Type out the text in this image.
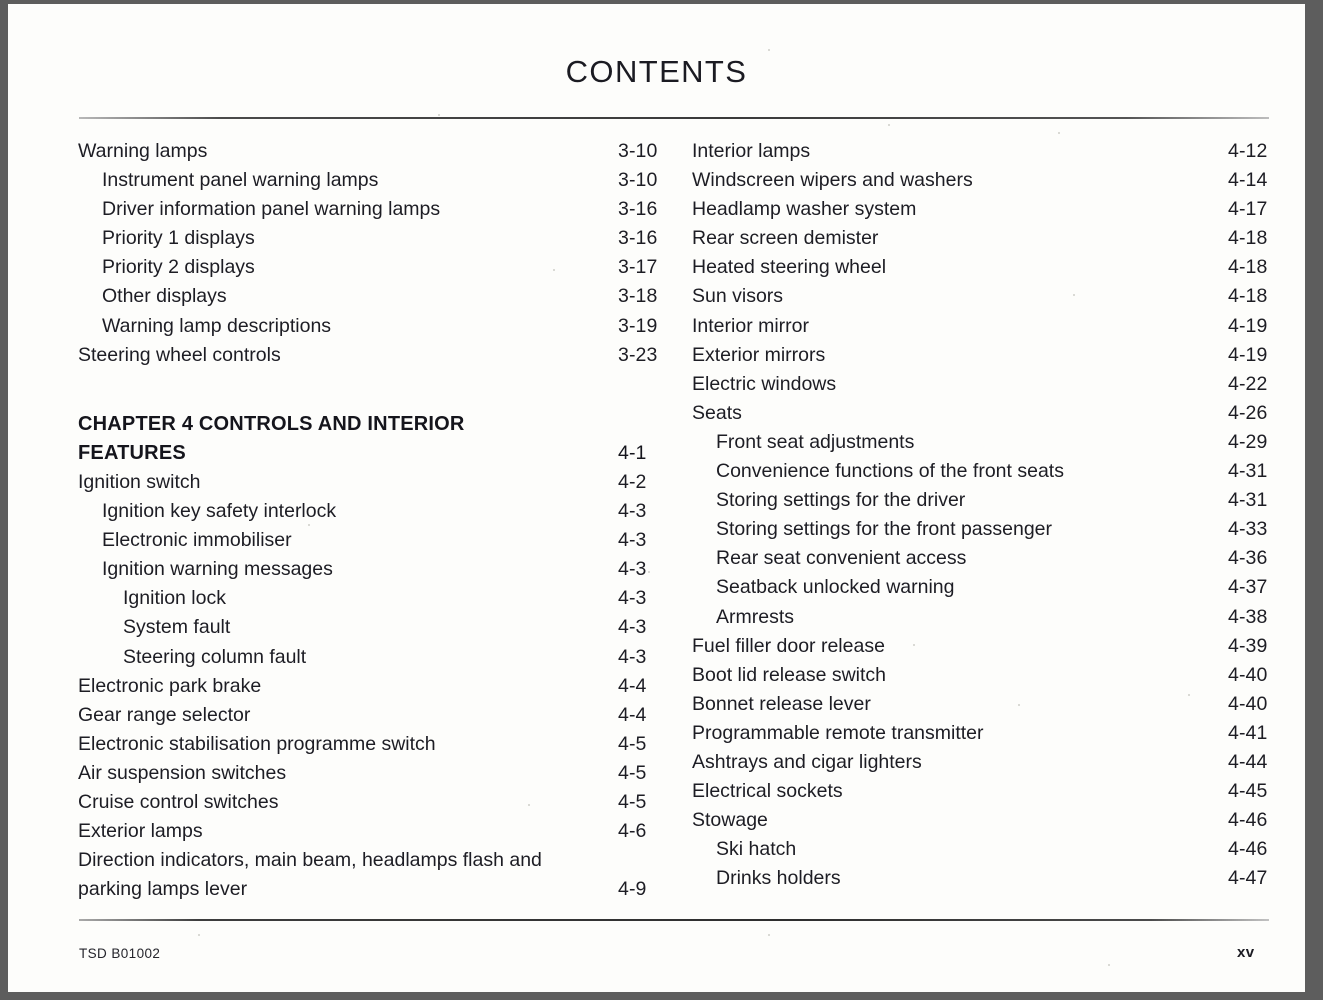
CONTENTS
Warning lamps	3-10
Instrument panel warning lamps	3-10
Driver information panel warning lamps	3-16
Priority 1 displays	3-16
Priority 2 displays	3-17
Other displays	3-18
Warning lamp descriptions	3-19
Steering wheel controls	3-23
CHAPTER 4 CONTROLS AND INTERIOR
FEATURES	4-1
Ignition switch	4-2
Ignition key safety interlock	4-3
Electronic immobiliser	4-3
Ignition warning messages	4-3
Ignition lock	4-3
System fault	4-3
Steering column fault	4-3
Electronic park brake	4-4
Gear range selector	4-4
Electronic stabilisation programme switch	4-5
Air suspension switches	4-5
Cruise control switches	4-5
Exterior lamps	4-6
Direction indicators, main beam, headlamps flash and
parking lamps lever	4-9
Interior lamps	4-12
Windscreen wipers and washers	4-14
Headlamp washer system	4-17
Rear screen demister	4-18
Heated steering wheel	4-18
Sun visors	4-18
Interior mirror	4-19
Exterior mirrors	4-19
Electric windows	4-22
Seats	4-26
Front seat adjustments	4-29
Convenience functions of the front seats	4-31
Storing settings for the driver	4-31
Storing settings for the front passenger	4-33
Rear seat convenient access	4-36
Seatback unlocked warning	4-37
Armrests	4-38
Fuel filler door release	4-39
Boot lid release switch	4-40
Bonnet release lever	4-40
Programmable remote transmitter	4-41
Ashtrays and cigar lighters	4-44
Electrical sockets	4-45
Stowage	4-46
Ski hatch	4-46
Drinks holders	4-47
TSD B01002	xv
